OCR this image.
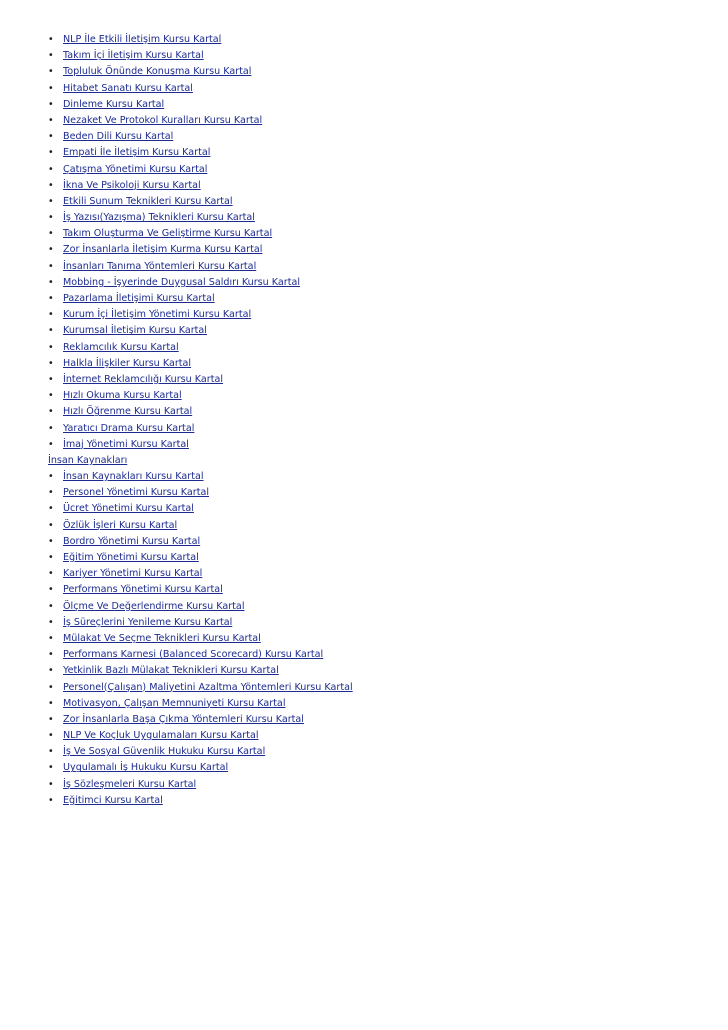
• NLP İle Etkili İletişim Kursu Kartal
• Takım İçi İletişim Kursu Kartal
• Topluluk Önünde Konuşma Kursu Kartal
• Hitabet Sanatı Kursu Kartal
• Dinleme Kursu Kartal
• Nezaket Ve Protokol Kuralları Kursu Kartal
• Beden Dili Kursu Kartal
• Empati İle İletişim Kursu Kartal
• Çatışma Yönetimi Kursu Kartal
• İkna Ve Psikoloji Kursu Kartal
• Etkili Sunum Teknikleri Kursu Kartal
• İş Yazısı(Yazışma) Teknikleri Kursu Kartal
• Takım Oluşturma Ve Geliştirme Kursu Kartal
• Zor İnsanlarla İletişim Kurma Kursu Kartal
• İnsanları Tanıma Yöntemleri Kursu Kartal
• Mobbing - İşyerinde Duygusal Saldırı Kursu Kartal
• Pazarlama İletişimi Kursu Kartal
• Kurum İçi İletişim Yönetimi Kursu Kartal
• Kurumsal İletişim Kursu Kartal
• Reklamcılık Kursu Kartal
• Halkla İlişkiler Kursu Kartal
• İnternet Reklamcılığı Kursu Kartal
• Hızlı Okuma Kursu Kartal
• Hızlı Öğrenme Kursu Kartal
• Yaratıcı Drama Kursu Kartal
• İmaj Yönetimi Kursu Kartal
İnsan Kaynakları
• İnsan Kaynakları Kursu Kartal
• Personel Yönetimi Kursu Kartal
• Ücret Yönetimi Kursu Kartal
• Özlük İşleri Kursu Kartal
• Bordro Yönetimi Kursu Kartal
• Eğitim Yönetimi Kursu Kartal
• Kariyer Yönetimi Kursu Kartal
• Performans Yönetimi Kursu Kartal
• Ölçme Ve Değerlendirme Kursu Kartal
• İş Süreçlerini Yenileme Kursu Kartal
• Mülakat Ve Seçme Teknikleri Kursu Kartal
• Performans Karnesi (Balanced Scorecard) Kursu Kartal
• Yetkinlik Bazlı Mülakat Teknikleri Kursu Kartal
• Personel(Çalışan) Maliyetini Azaltma Yöntemleri Kursu Kartal
• Motivasyon, Çalışan Memnuniyeti Kursu Kartal
• Zor İnsanlarla Başa Çıkma Yöntemleri Kursu Kartal
• NLP Ve Koçluk Uygulamaları Kursu Kartal
• İş Ve Sosyal Güvenlik Hukuku Kursu Kartal
• Uygulamalı İş Hukuku Kursu Kartal
• İş Sözleşmeleri Kursu Kartal
• Eğitimci Kursu Kartal
